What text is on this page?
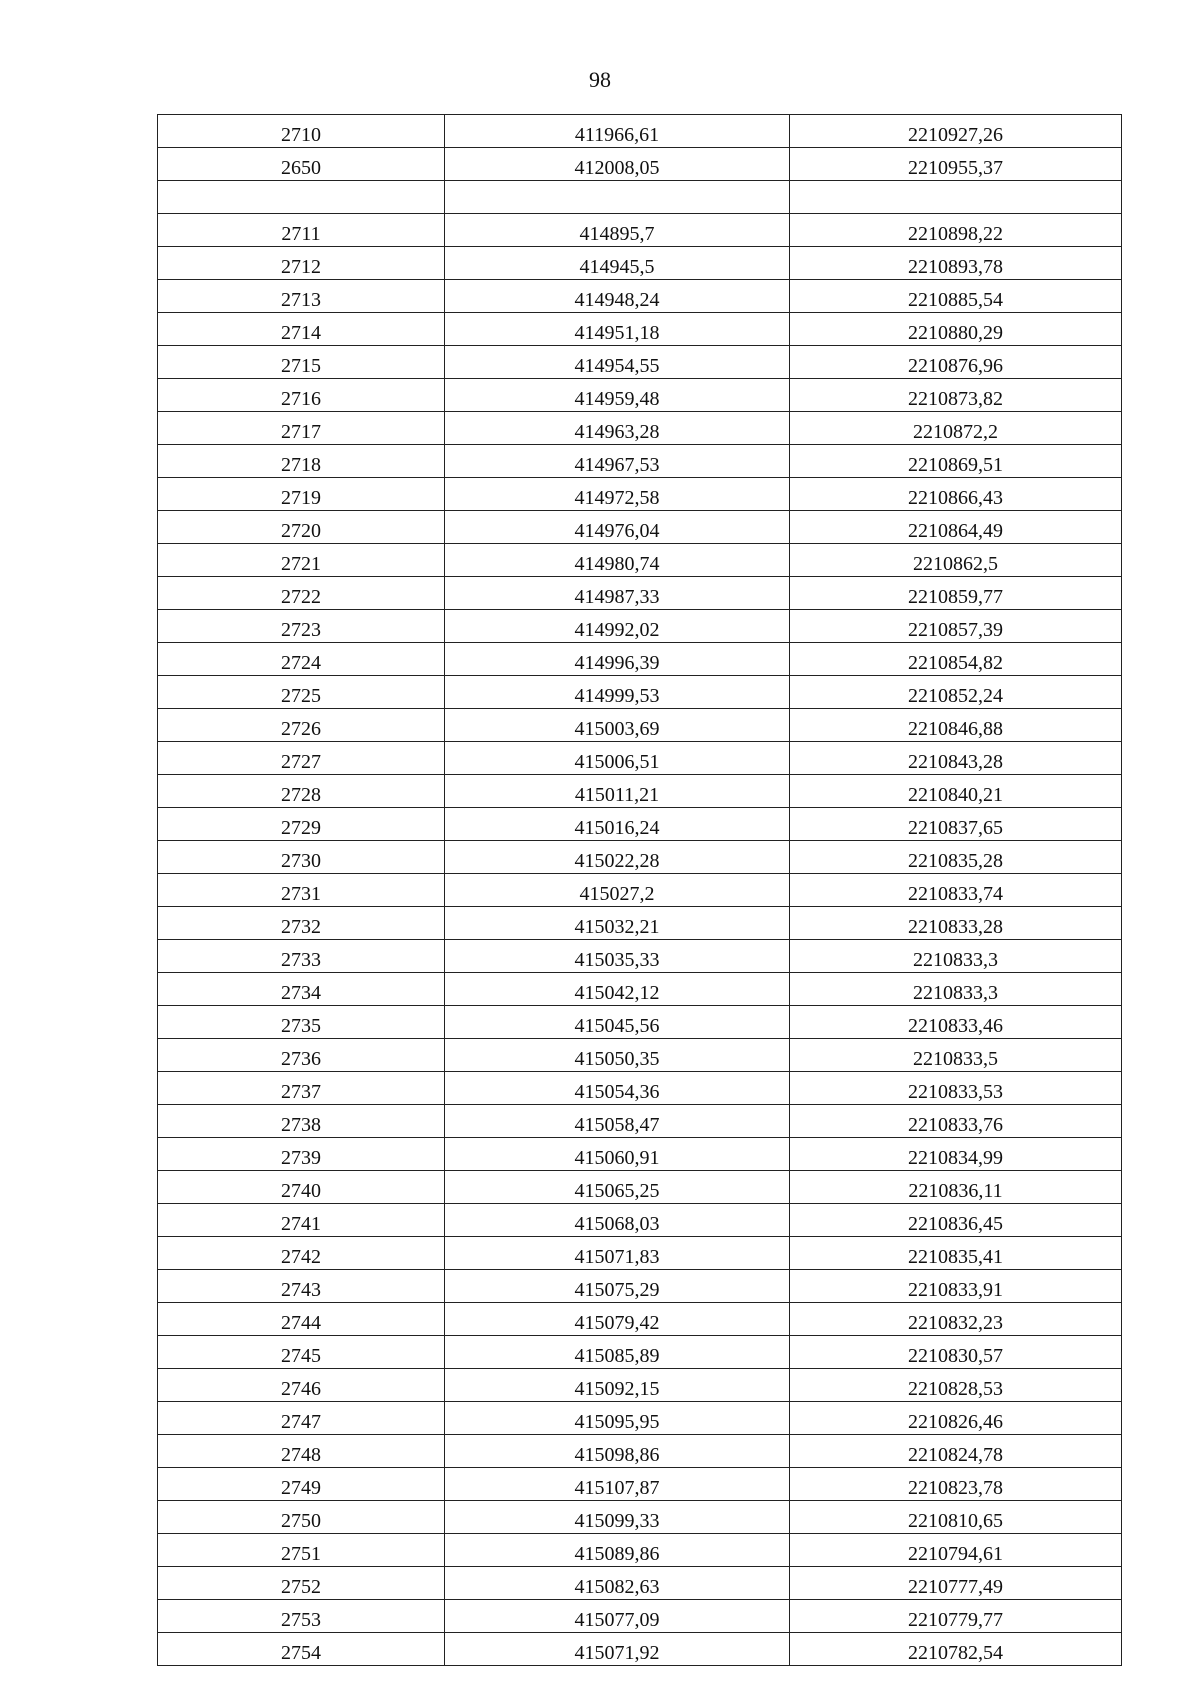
98
2710	411966,61	2210927,26
2650	412008,05	2210955,37

2711	414895,7	2210898,22
2712	414945,5	2210893,78
2713	414948,24	2210885,54
2714	414951,18	2210880,29
2715	414954,55	2210876,96
2716	414959,48	2210873,82
2717	414963,28	2210872,2
2718	414967,53	2210869,51
2719	414972,58	2210866,43
2720	414976,04	2210864,49
2721	414980,74	2210862,5
2722	414987,33	2210859,77
2723	414992,02	2210857,39
2724	414996,39	2210854,82
2725	414999,53	2210852,24
2726	415003,69	2210846,88
2727	415006,51	2210843,28
2728	415011,21	2210840,21
2729	415016,24	2210837,65
2730	415022,28	2210835,28
2731	415027,2	2210833,74
2732	415032,21	2210833,28
2733	415035,33	2210833,3
2734	415042,12	2210833,3
2735	415045,56	2210833,46
2736	415050,35	2210833,5
2737	415054,36	2210833,53
2738	415058,47	2210833,76
2739	415060,91	2210834,99
2740	415065,25	2210836,11
2741	415068,03	2210836,45
2742	415071,83	2210835,41
2743	415075,29	2210833,91
2744	415079,42	2210832,23
2745	415085,89	2210830,57
2746	415092,15	2210828,53
2747	415095,95	2210826,46
2748	415098,86	2210824,78
2749	415107,87	2210823,78
2750	415099,33	2210810,65
2751	415089,86	2210794,61
2752	415082,63	2210777,49
2753	415077,09	2210779,77
2754	415071,92	2210782,54
